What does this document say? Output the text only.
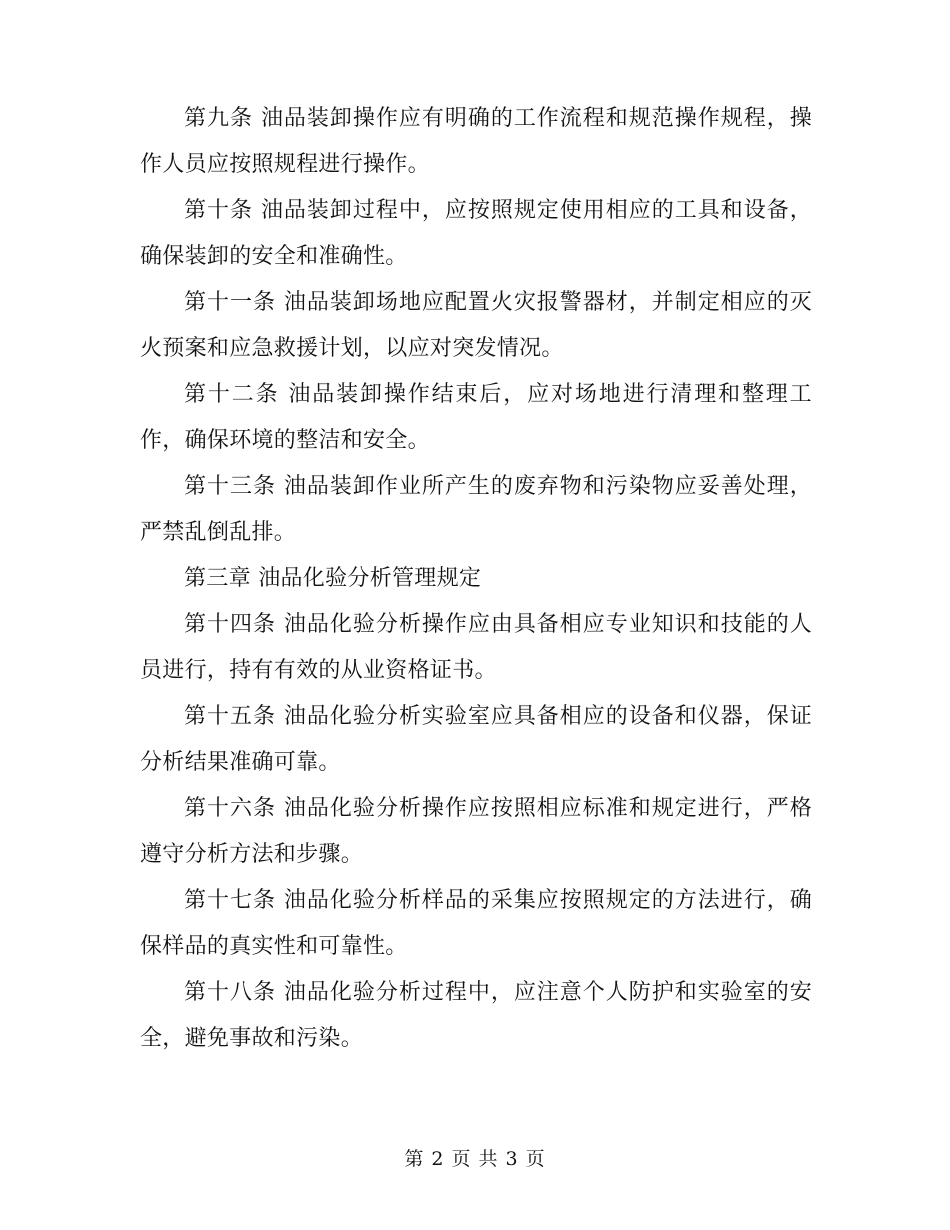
第九条 油品装卸操作应有明确的工作流程和规范操作规程，操作人员应按照规程进行操作。

第十条 油品装卸过程中，应按照规定使用相应的工具和设备，确保装卸的安全和准确性。

第十一条 油品装卸场地应配置火灾报警器材，并制定相应的灭火预案和应急救援计划，以应对突发情况。

第十二条 油品装卸操作结束后，应对场地进行清理和整理工作，确保环境的整洁和安全。

第十三条 油品装卸作业所产生的废弃物和污染物应妥善处理，严禁乱倒乱排。

第三章 油品化验分析管理规定

第十四条 油品化验分析操作应由具备相应专业知识和技能的人员进行，持有有效的从业资格证书。

第十五条 油品化验分析实验室应具备相应的设备和仪器，保证分析结果准确可靠。

第十六条 油品化验分析操作应按照相应标准和规定进行，严格遵守分析方法和步骤。

第十七条 油品化验分析样品的采集应按照规定的方法进行，确保样品的真实性和可靠性。

第十八条 油品化验分析过程中，应注意个人防护和实验室的安全，避免事故和污染。

第 2 页 共 3 页
